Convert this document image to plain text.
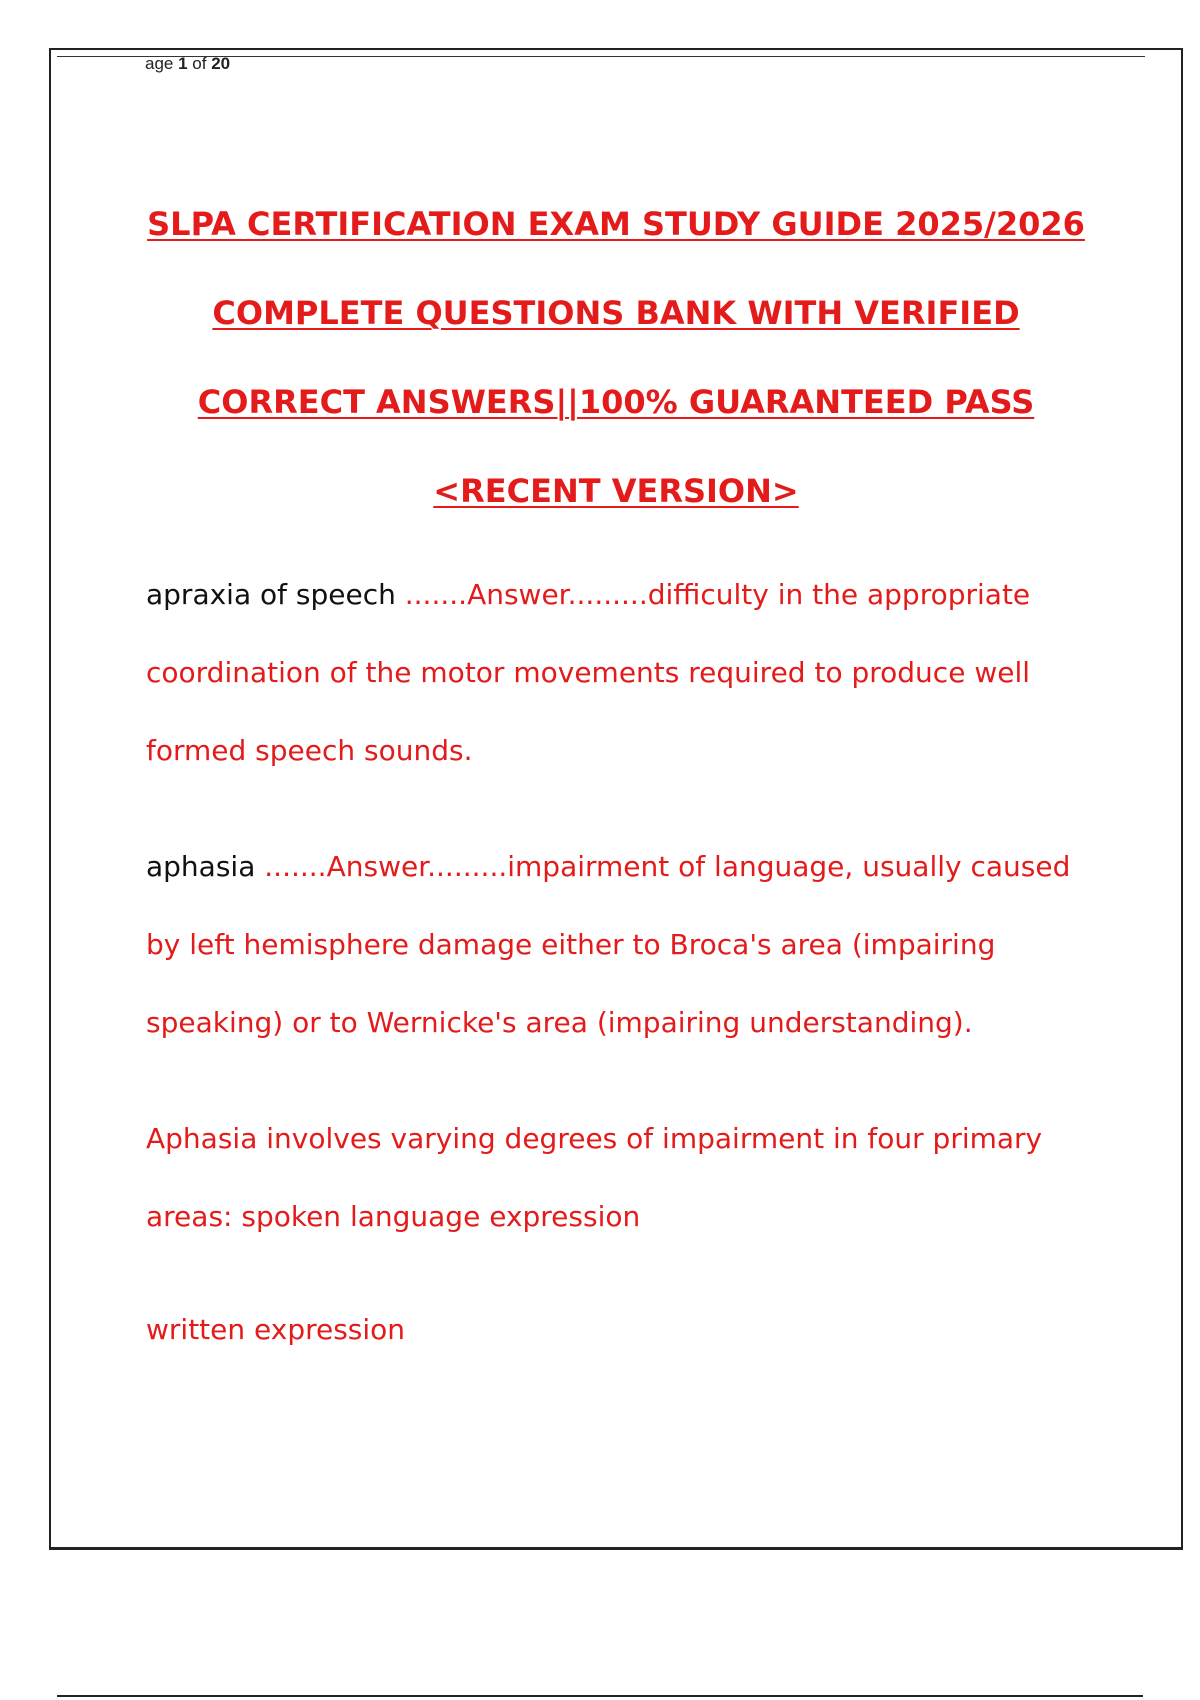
age 1 of 20
SLPA CERTIFICATION EXAM STUDY GUIDE 2025/2026
COMPLETE QUESTIONS BANK WITH VERIFIED
CORRECT ANSWERS||100% GUARANTEED PASS
<RECENT VERSION>
apraxia of speech .......Answer.........difficulty in the appropriate
coordination of the motor movements required to produce well
formed speech sounds.
aphasia .......Answer.........impairment of language, usually caused
by left hemisphere damage either to Broca's area (impairing
speaking) or to Wernicke's area (impairing understanding).
Aphasia involves varying degrees of impairment in four primary
areas: spoken language expression
written expression
